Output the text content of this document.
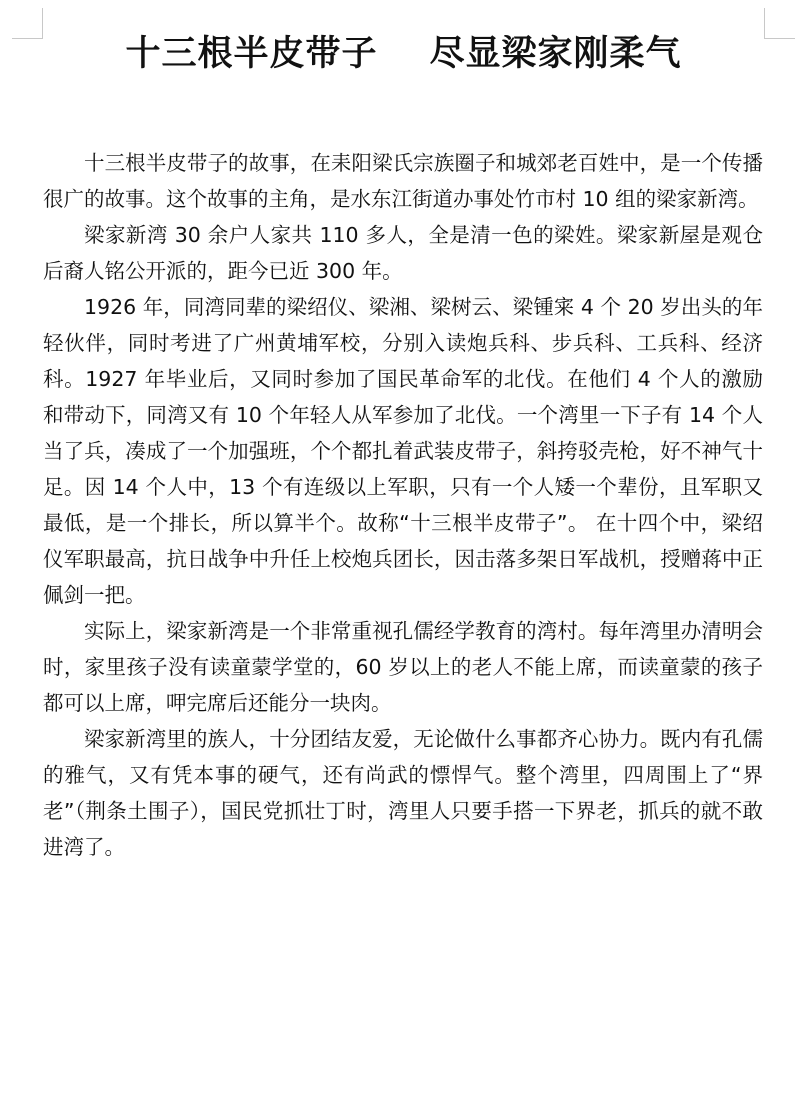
十三根半皮带子 尽显梁家刚柔气

十三根半皮带子的故事，在耒阳梁氏宗族圈子和城郊老百姓中，是一个传播很广的故事。这个故事的主角，是水东江街道办事处竹市村 10 组的梁家新湾。

梁家新湾 30 余户人家共 110 多人，全是清一色的梁姓。梁家新屋是观仓后裔人铭公开派的，距今已近 300 年。

1926 年，同湾同辈的梁绍仪、梁湘、梁树云、梁锺宷 4 个 20 岁出头的年轻伙伴，同时考进了广州黄埔军校，分别入读炮兵科、步兵科、工兵科、经济科。1927 年毕业后，又同时参加了国民革命军的北伐。在他们 4 个人的激励和带动下，同湾又有 10 个年轻人从军参加了北伐。一个湾里一下子有 14 个人当了兵，凑成了一个加强班，个个都扎着武装皮带子，斜挎驳壳枪，好不神气十足。因 14 个人中，13 个有连级以上军职，只有一个人矮一个辈份，且军职又最低，是一个排长，所以算半个。故称“十三根半皮带子”。 在十四个中，梁绍仪军职最高，抗日战争中升任上校炮兵团长，因击落多架日军战机，授赠蒋中正佩剑一把。

实际上，梁家新湾是一个非常重视孔儒经学教育的湾村。每年湾里办清明会时，家里孩子没有读童蒙学堂的，60 岁以上的老人不能上席，而读童蒙的孩子都可以上席，呷完席后还能分一块肉。

梁家新湾里的族人，十分团结友爱，无论做什么事都齐心协力。既内有孔儒的雅气，又有凭本事的硬气，还有尚武的慓悍气。整个湾里，四周围上了“界老”（荆条土围子），国民党抓壮丁时，湾里人只要手搭一下界老，抓兵的就不敢进湾了。
